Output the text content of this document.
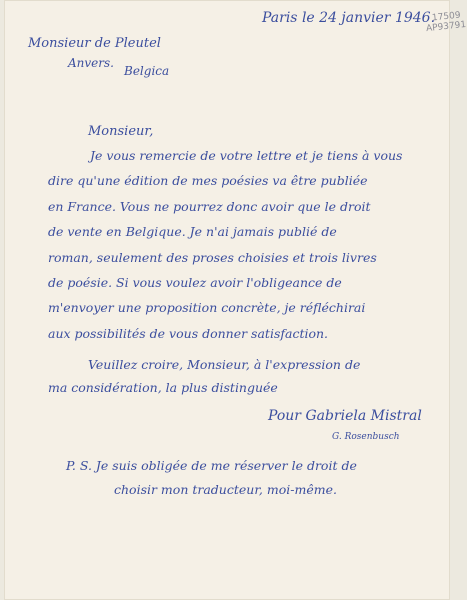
17509
AP93791
Paris le 24 janvier 1946.
Monsieur de Pleutel
Anvers.
Belgica
Monsieur,
Je vous remercie de votre lettre et je tiens à vous
dire qu'une édition de mes poésies va être publiée
en France. Vous ne pourrez donc avoir que le droit
de vente en Belgique. Je n'ai jamais publié de
roman, seulement des proses choisies et trois livres
de poésie. Si vous voulez avoir l'obligeance de
m'envoyer une proposition concrète, je réfléchirai
aux possibilités de vous donner satisfaction.
Veuillez croire, Monsieur, à l'expression de
ma considération, la plus distinguée
Pour Gabriela Mistral
G. Rosenbusch
P. S. Je suis obligée de me réserver le droit de
choisir mon traducteur, moi-même.
